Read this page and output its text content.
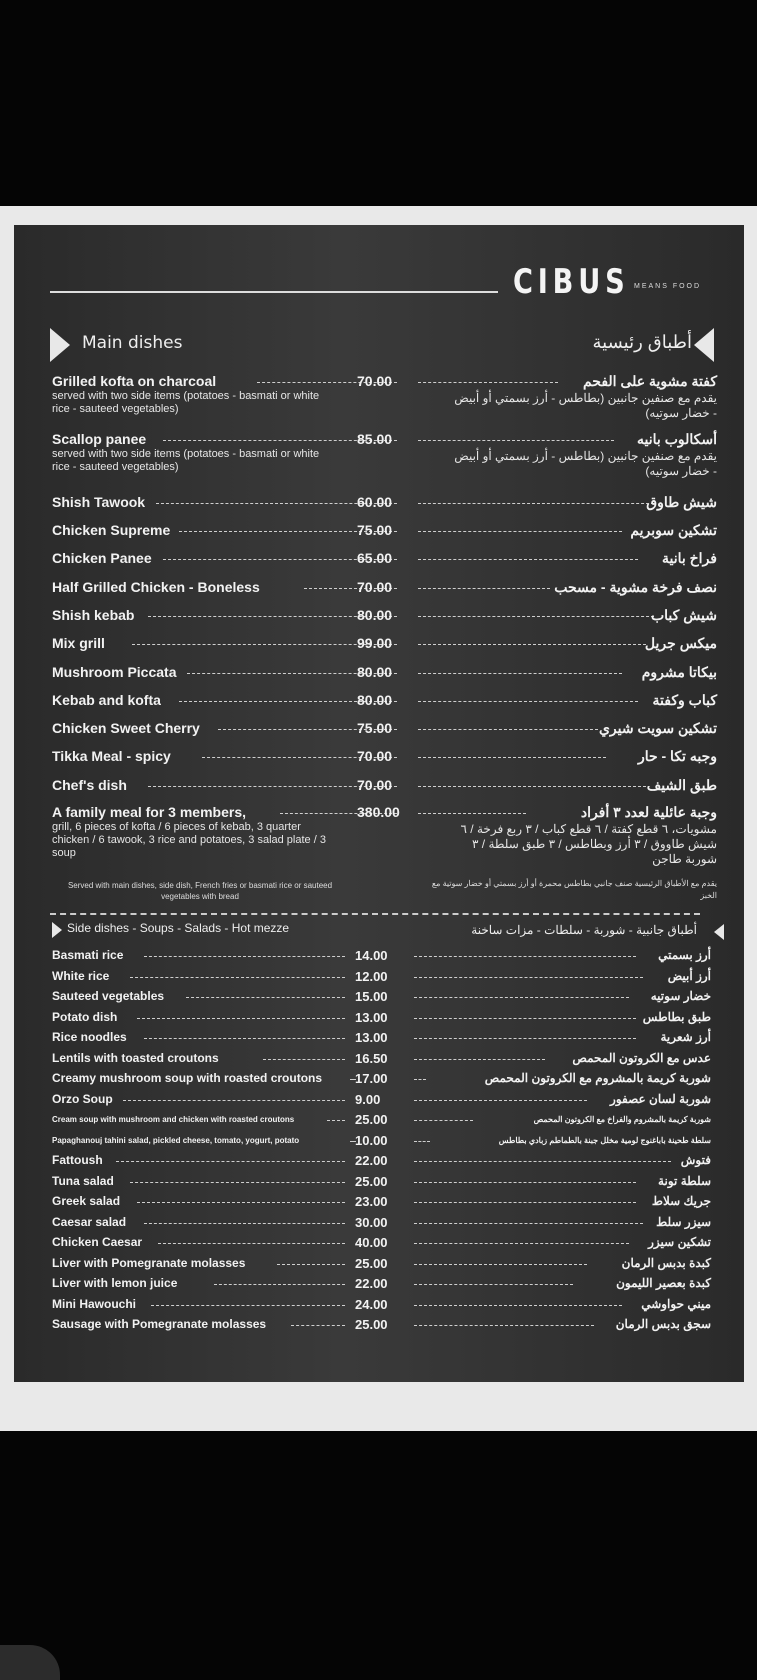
CIBUS MEANS FOOD
Main dishes	أطباق رئيسية
Grilled kofta on charcoal	70.00	كفتة مشوية على الفحم
served with two side items (potatoes - basmati or white rice - sauteed vegetables)
يقدم مع صنفين جانبين (بطاطس - أرز بسمتي أو أبيض - خضار سوتيه)
Scallop panee	85.00	أسكالوب بانيه
served with two side items (potatoes - basmati or white rice - sauteed vegetables)
يقدم مع صنفين جانبين (بطاطس - أرز بسمتي أو أبيض - خضار سوتيه)
Shish Tawook	60.00	شيش طاوق
Chicken Supreme	75.00	تشكين سوبريم
Chicken Panee	65.00	فراخ بانية
Half Grilled Chicken - Boneless	70.00	نصف فرخة مشوية - مسحب
Shish kebab	80.00	شيش كباب
Mix grill	99.00	ميكس جريل
Mushroom Piccata	80.00	بيكاتا مشروم
Kebab and kofta	80.00	كباب وكفتة
Chicken Sweet Cherry	75.00	تشكين سويت شيري
Tikka Meal - spicy	70.00	وجبه تكا - حار
Chef's dish	70.00	طبق الشيف
A family meal for 3 members,	380.00	وجبة عائلية لعدد ٣ أفراد
grill, 6 pieces of kofta / 6 pieces of kebab, 3 quarter chicken / 6 tawook, 3 rice and potatoes, 3 salad plate / 3 soup
مشويات، ٦ قطع كفتة / ٦ قطع كباب / ٣ ربع فرخة / ٦ شيش طاووق / ٣ أرز وبطاطس / ٣ طبق سلطة / ٣ شوربة طاجن
Served with main dishes, side dish, French fries or basmati rice or sauteed vegetables with bread
يقدم مع الأطباق الرئيسية صنف جانبي بطاطس محمرة أو أرز بسمتي أو خضار سوتية مع الخبز
Side dishes - Soups - Salads - Hot mezze	أطباق جانبية - شوربة - سلطات - مزات ساخنة
Basmati rice	14.00	أرز بسمتي
White rice	12.00	أرز أبيض
Sauteed vegetables	15.00	خضار سوتيه
Potato dish	13.00	طبق بطاطس
Rice noodles	13.00	أرز شعرية
Lentils with toasted croutons	16.50	عدس مع الكروتون المحمص
Creamy mushroom soup with roasted croutons	17.00	شوربة كريمة بالمشروم مع الكروتون المحمص
Orzo Soup	9.00	شوربة لسان عصفور
Cream soup with mushroom and chicken with roasted croutons	25.00	شوربة كريمة بالمشروم والفراخ مع الكروتون المحمص
Papaghanouj tahini salad, pickled cheese, tomato, yogurt, potato	10.00	سلطة طحينة باباغنوج لومية مخلل جبنة بالطماطم زبادي بطاطس
Fattoush	22.00	فتوش
Tuna salad	25.00	سلطة تونة
Greek salad	23.00	جريك سلاط
Caesar salad	30.00	سيزر سلط
Chicken Caesar	40.00	تشكين سيزر
Liver with Pomegranate molasses	25.00	كبدة بدبس الرمان
Liver with lemon juice	22.00	كبدة بعصير الليمون
Mini Hawouchi	24.00	ميني حواوشي
Sausage with Pomegranate molasses	25.00	سجق بدبس الرمان
